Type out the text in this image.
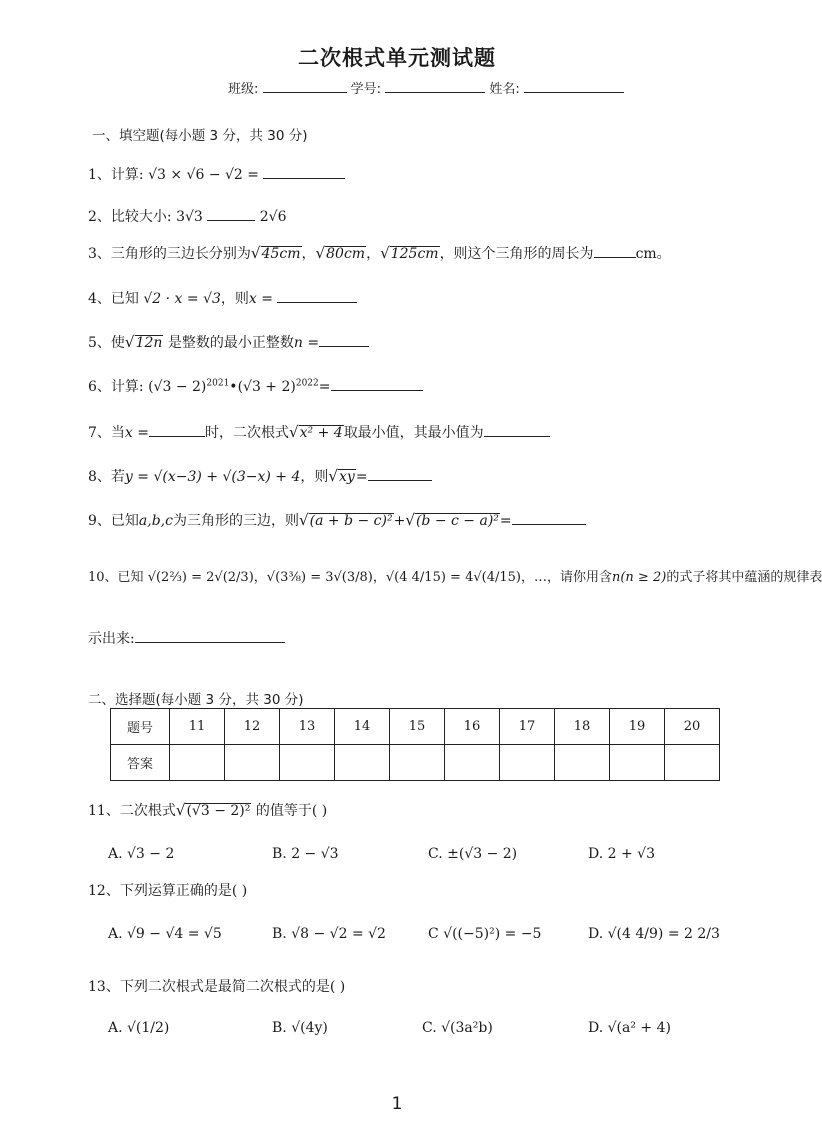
二次根式单元测试题
班级:	学号:	姓名:
一、填空题(每小题 3 分，共 30 分)
1、计算: √3 × √6 − √2 =
2、比较大小: 3√3	2√6
3、三角形的三边长分别为√45cm，√80cm，√125cm，则这个三角形的周长为	cm。
4、已知 √2 · x = √3，则x =
5、使√12n 是整数的最小正整数n =
6、计算: $(√3 - 2)^{2021}•(√3 + 2)^{2022}=$
7、当x =	时，二次根式√x² + 4取最小值，其最小值为
8、若y = √(x−3) + √(3−x) + 4，则√xy=
9、已知a,b,c为三角形的三边，则√(a + b − c)²+√(b − c − a)²=
10、已知 √(2⅔) = 2√(2/3)，√(3⅜) = 3√(3/8)，√(4 4/15) = 4√(4/15)，…，请你用含n(n ≥ 2)的式子将其中蕴涵的规律表
示出来:
二、选择题(每小题 3 分，共 30 分)
题号	11	12	13	14	15	16	17	18	19	20
答案										
11、二次根式√(√3 − 2)² 的值等于( )
A. √3 − 2	B. 2 − √3	C. ±(√3 − 2)	D. 2 + √3
12、下列运算正确的是( )
A. √9 − √4 = √5	B. √8 − √2 = √2	C √((−5)²) = −5	D. √(4 4/9) = 2 2/3
13、下列二次根式是最简二次根式的是( )
A. √(1/2)	B. √(4y)	C. √(3a²b)	D. √(a² + 4)
1
